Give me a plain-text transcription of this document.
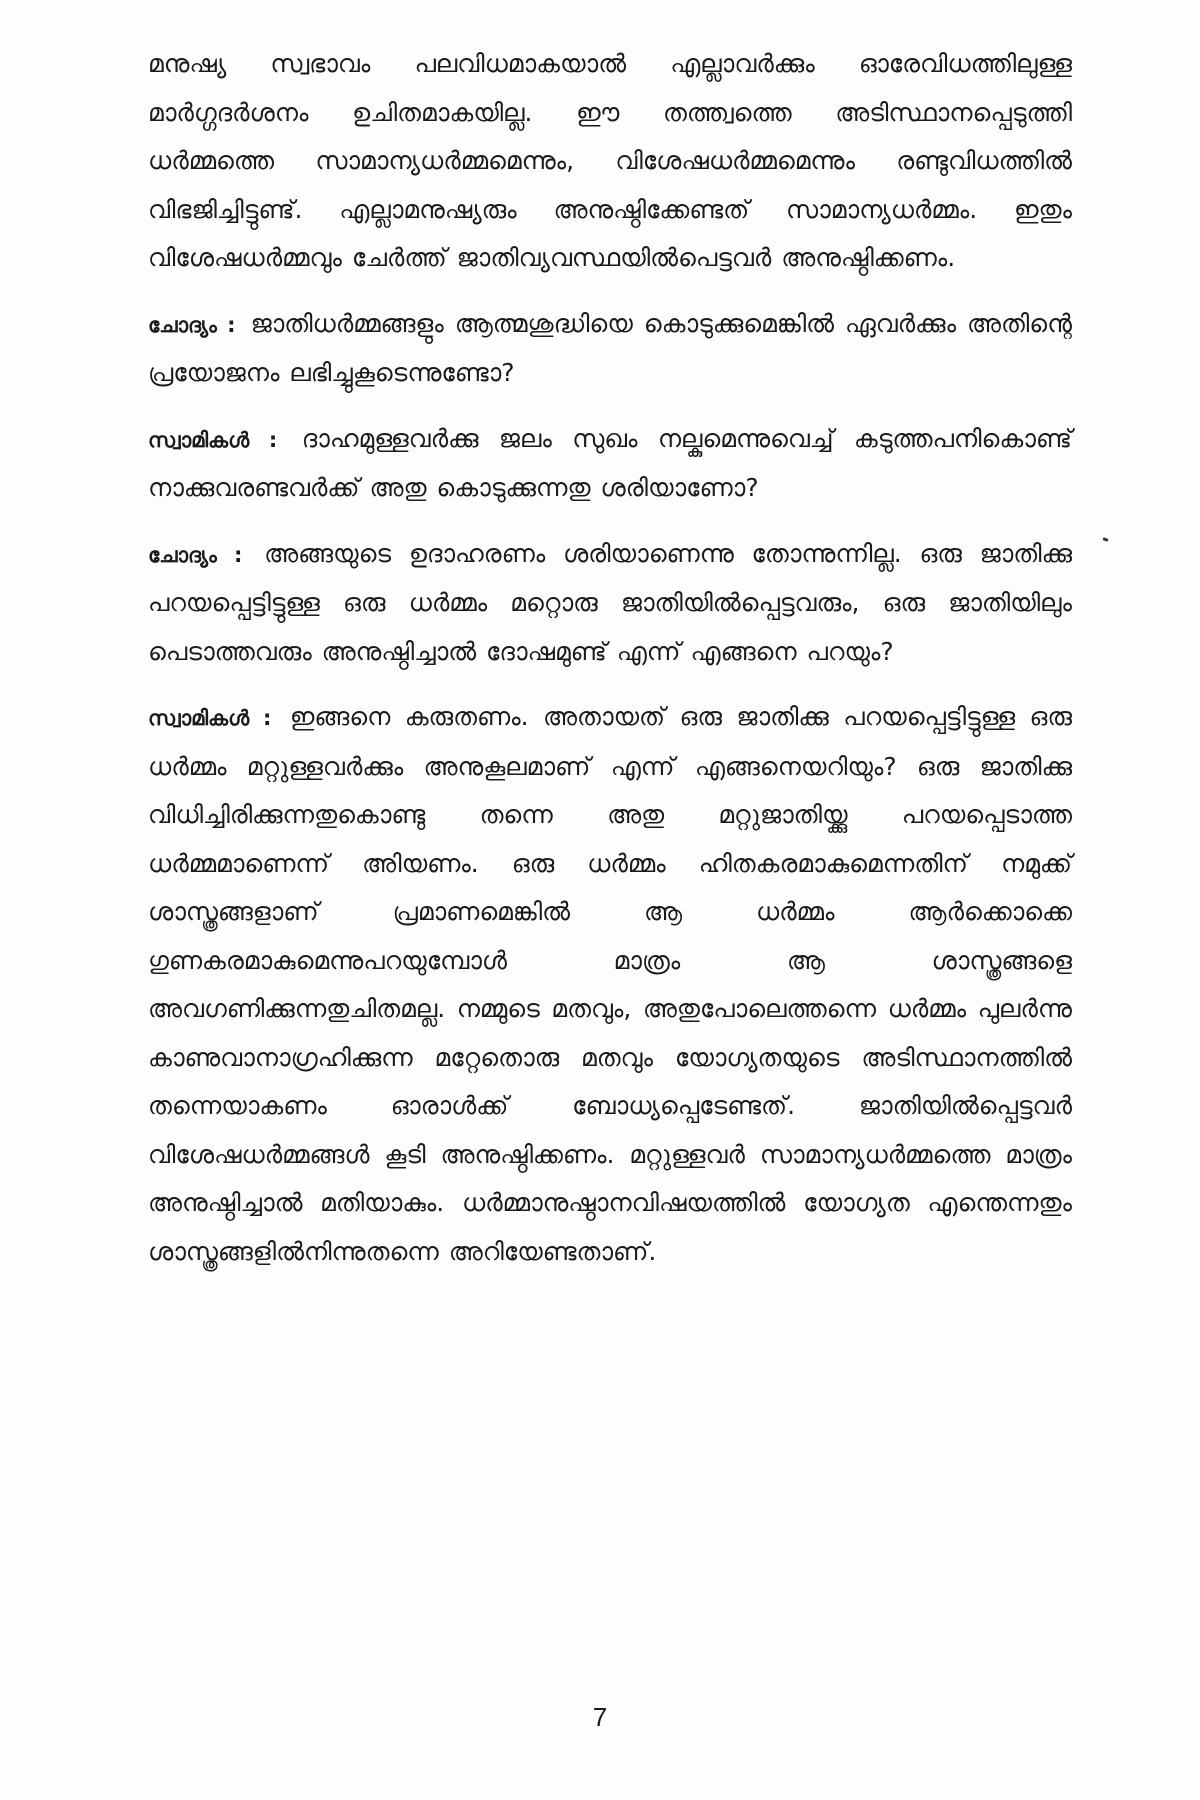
മനുഷ്യ സ്വഭാവം പലവിധമാകയാൽ എല്ലാവർക്കും ഓരേവിധത്തിലുള്ള മാർഗ്ഗദർശനം ഉചിതമാകയില്ല. ഈ തത്ത്വത്തെ അടിസ്ഥാനപ്പെടുത്തി ധർമ്മത്തെ സാമാന്യധർമ്മമെന്നും, വിശേഷധർമ്മമെന്നും രണ്ടുവിധത്തിൽ വിഭജിച്ചിട്ടുണ്ട്. എല്ലാമനുഷ്യരും അനുഷ്ഠിക്കേണ്ടത് സാമാന്യധർമ്മം. ഇതും വിശേഷധർമ്മവും ചേർത്ത് ജാതിവ്യവസ്ഥയിൽപെട്ടവർ അനുഷ്ഠിക്കണം.

ചോദ്യം : ജാതിധർമ്മങ്ങളും ആത്മശുദ്ധിയെ കൊടുക്കുമെങ്കിൽ ഏവർക്കും അതിന്റെ പ്രയോജനം ലഭിച്ചുകൂടെന്നുണ്ടോ?

സ്വാമികൾ : ദാഹമുള്ളവർക്കു ജലം സുഖം നല്കുമെന്നുവെച്ച് കടുത്തപനികൊണ്ട് നാക്കുവരണ്ടവർക്ക് അതു കൊടുക്കുന്നതു ശരിയാണോ?

ചോദ്യം : അങ്ങയുടെ ഉദാഹരണം ശരിയാണെന്നു തോന്നുന്നില്ല. ഒരു ജാതിക്കു പറയപ്പെട്ടിട്ടുള്ള ഒരു ധർമ്മം മറ്റൊരു ജാതിയിൽപ്പെട്ടവരും, ഒരു ജാതിയിലും പെടാത്തവരും അനുഷ്ഠിച്ചാൽ ദോഷമുണ്ട് എന്ന് എങ്ങനെ പറയും?

സ്വാമികൾ : ഇങ്ങനെ കരുതണം. അതായത് ഒരു ജാതിക്കു പറയപ്പെട്ടിട്ടുള്ള ഒരു ധർമ്മം മറ്റുള്ളവർക്കും അനുകൂലമാണ് എന്ന് എങ്ങനെയറിയും? ഒരു ജാതിക്കു വിധിച്ചിരിക്കുന്നതുകൊണ്ടു തന്നെ അതു മറ്റുജാതിയ്ക്കു പറയപ്പെടാത്ത ധർമ്മമാണെന്ന് അിയണം. ഒരു ധർമ്മം ഹിതകരമാകുമെന്നതിന് നമുക്ക് ശാസ്ത്രങ്ങളാണ് പ്രമാണമെങ്കിൽ ആ ധർമ്മം ആർക്കൊക്കെ ഗുണകരമാകുമെന്നുപറയുമ്പോൾ മാത്രം ആ ശാസ്ത്രങ്ങളെ അവഗണിക്കുന്നതുചിതമല്ല. നമ്മുടെ മതവും, അതുപോലെത്തന്നെ ധർമ്മം പുലർന്നു കാണുവാനാഗ്രഹിക്കുന്ന മറ്റേതൊരു മതവും യോഗ്യതയുടെ അടിസ്ഥാനത്തിൽ തന്നെയാകണം ഓരാൾക്ക് ബോധ്യപ്പെടേണ്ടത്. ജാതിയിൽപ്പെട്ടവർ വിശേഷധർമ്മങ്ങൾ കൂടി അനുഷ്ഠിക്കണം. മറ്റുള്ളവർ സാമാന്യധർമ്മത്തെ മാത്രം അനുഷ്ഠിച്ചാൽ മതിയാകും. ധർമ്മാനുഷ്ഠാനവിഷയത്തിൽ യോഗ്യത എന്തെന്നതും ശാസ്ത്രങ്ങളിൽനിന്നുതന്നെ അറിയേണ്ടതാണ്.

7
